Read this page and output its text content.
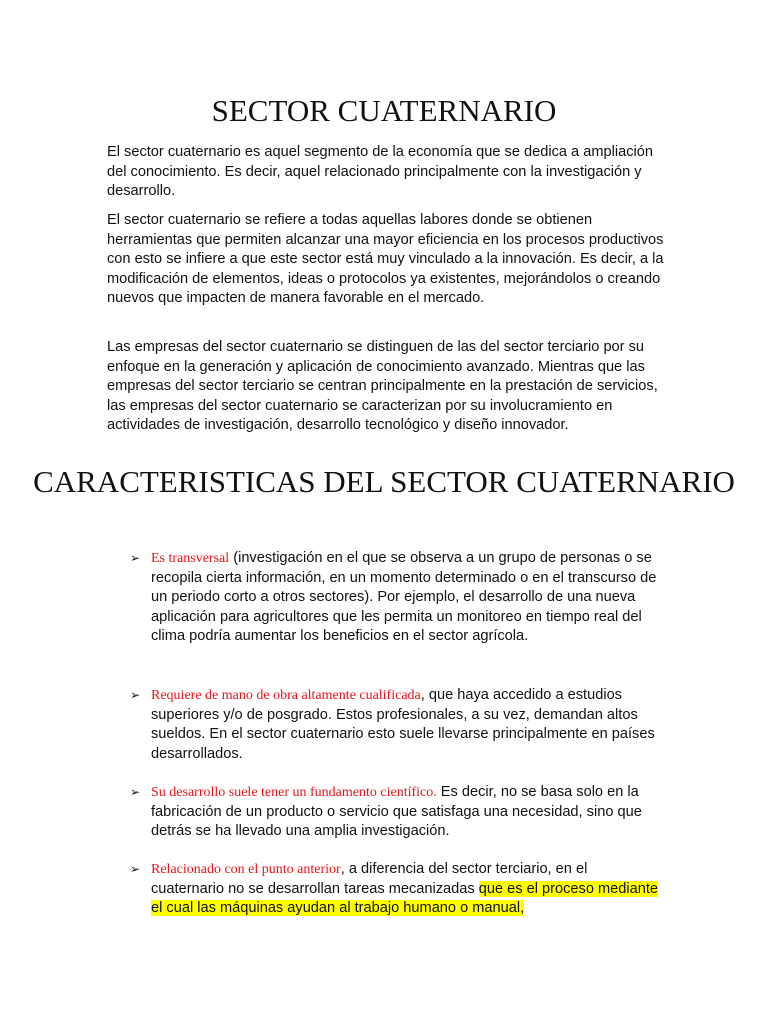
SECTOR CUATERNARIO

El sector cuaternario es aquel segmento de la economía que se dedica a ampliación del conocimiento. Es decir, aquel relacionado principalmente con la investigación y desarrollo.

El sector cuaternario se refiere a todas aquellas labores donde se obtienen herramientas que permiten alcanzar una mayor eficiencia en los procesos productivos con esto se infiere a que este sector está muy vinculado a la innovación. Es decir, a la modificación de elementos, ideas o protocolos ya existentes, mejorándolos o creando nuevos que impacten de manera favorable en el mercado.

Las empresas del sector cuaternario se distinguen de las del sector terciario por su enfoque en la generación y aplicación de conocimiento avanzado. Mientras que las empresas del sector terciario se centran principalmente en la prestación de servicios, las empresas del sector cuaternario se caracterizan por su involucramiento en actividades de investigación, desarrollo tecnológico y diseño innovador.

CARACTERISTICAS DEL SECTOR CUATERNARIO
➢ Es transversal (investigación en el que se observa a un grupo de personas o se recopila cierta información, en un momento determinado o en el transcurso de un periodo corto a otros sectores). Por ejemplo, el desarrollo de una nueva aplicación para agricultores que les permita un monitoreo en tiempo real del clima podría aumentar los beneficios en el sector agrícola.

➢ Requiere de mano de obra altamente cualificada, que haya accedido a estudios superiores y/o de posgrado. Estos profesionales, a su vez, demandan altos sueldos. En el sector cuaternario esto suele llevarse principalmente en países desarrollados.

➢ Su desarrollo suele tener un fundamento científico. Es decir, no se basa solo en la fabricación de un producto o servicio que satisfaga una necesidad, sino que detrás se ha llevado una amplia investigación.

➢ Relacionado con el punto anterior, a diferencia del sector terciario, en el cuaternario no se desarrollan tareas mecanizadas que es el proceso mediante el cual las máquinas ayudan al trabajo humano o manual,
